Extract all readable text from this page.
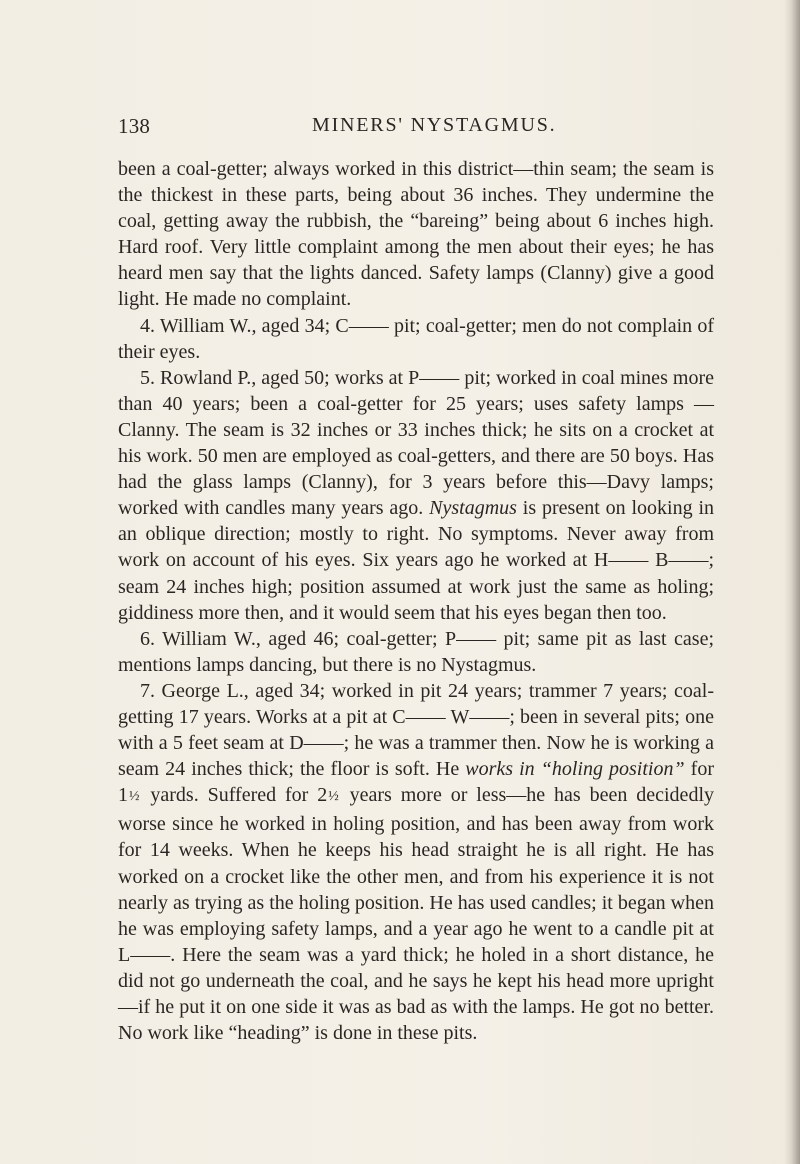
138	MINERS' NYSTAGMUS.

been a coal-getter; always worked in this district—thin seam; the seam is the thickest in these parts, being about 36 inches. They undermine the coal, getting away the rubbish, the “bareing” being about 6 inches high. Hard roof. Very little complaint among the men about their eyes; he has heard men say that the lights danced. Safety lamps (Clanny) give a good light. He made no complaint.

4. William W., aged 34; C—— pit; coal-getter; men do not complain of their eyes.

5. Rowland P., aged 50; works at P—— pit; worked in coal mines more than 40 years; been a coal-getter for 25 years; uses safety lamps —Clanny. The seam is 32 inches or 33 inches thick; he sits on a crocket at his work. 50 men are employed as coal-getters, and there are 50 boys. Has had the glass lamps (Clanny), for 3 years before this—Davy lamps; worked with candles many years ago. Nystagmus is present on looking in an oblique direction; mostly to right. No symptoms. Never away from work on account of his eyes. Six years ago he worked at H—— B——; seam 24 inches high; position assumed at work just the same as holing; giddiness more then, and it would seem that his eyes began then too.

6. William W., aged 46; coal-getter; P—— pit; same pit as last case; mentions lamps dancing, but there is no Nystagmus.

7. George L., aged 34; worked in pit 24 years; trammer 7 years; coal-getting 17 years. Works at a pit at C—— W——; been in several pits; one with a 5 feet seam at D——; he was a trammer then. Now he is working a seam 24 inches thick; the floor is soft. He works in “holing position” for 1½ yards. Suffered for 2½ years more or less—he has been decidedly worse since he worked in holing position, and has been away from work for 14 weeks. When he keeps his head straight he is all right. He has worked on a crocket like the other men, and from his experience it is not nearly as trying as the holing position. He has used candles; it began when he was employing safety lamps, and a year ago he went to a candle pit at L——. Here the seam was a yard thick; he holed in a short distance, he did not go underneath the coal, and he says he kept his head more upright—if he put it on one side it was as bad as with the lamps. He got no better. No work like “heading” is done in these pits.
